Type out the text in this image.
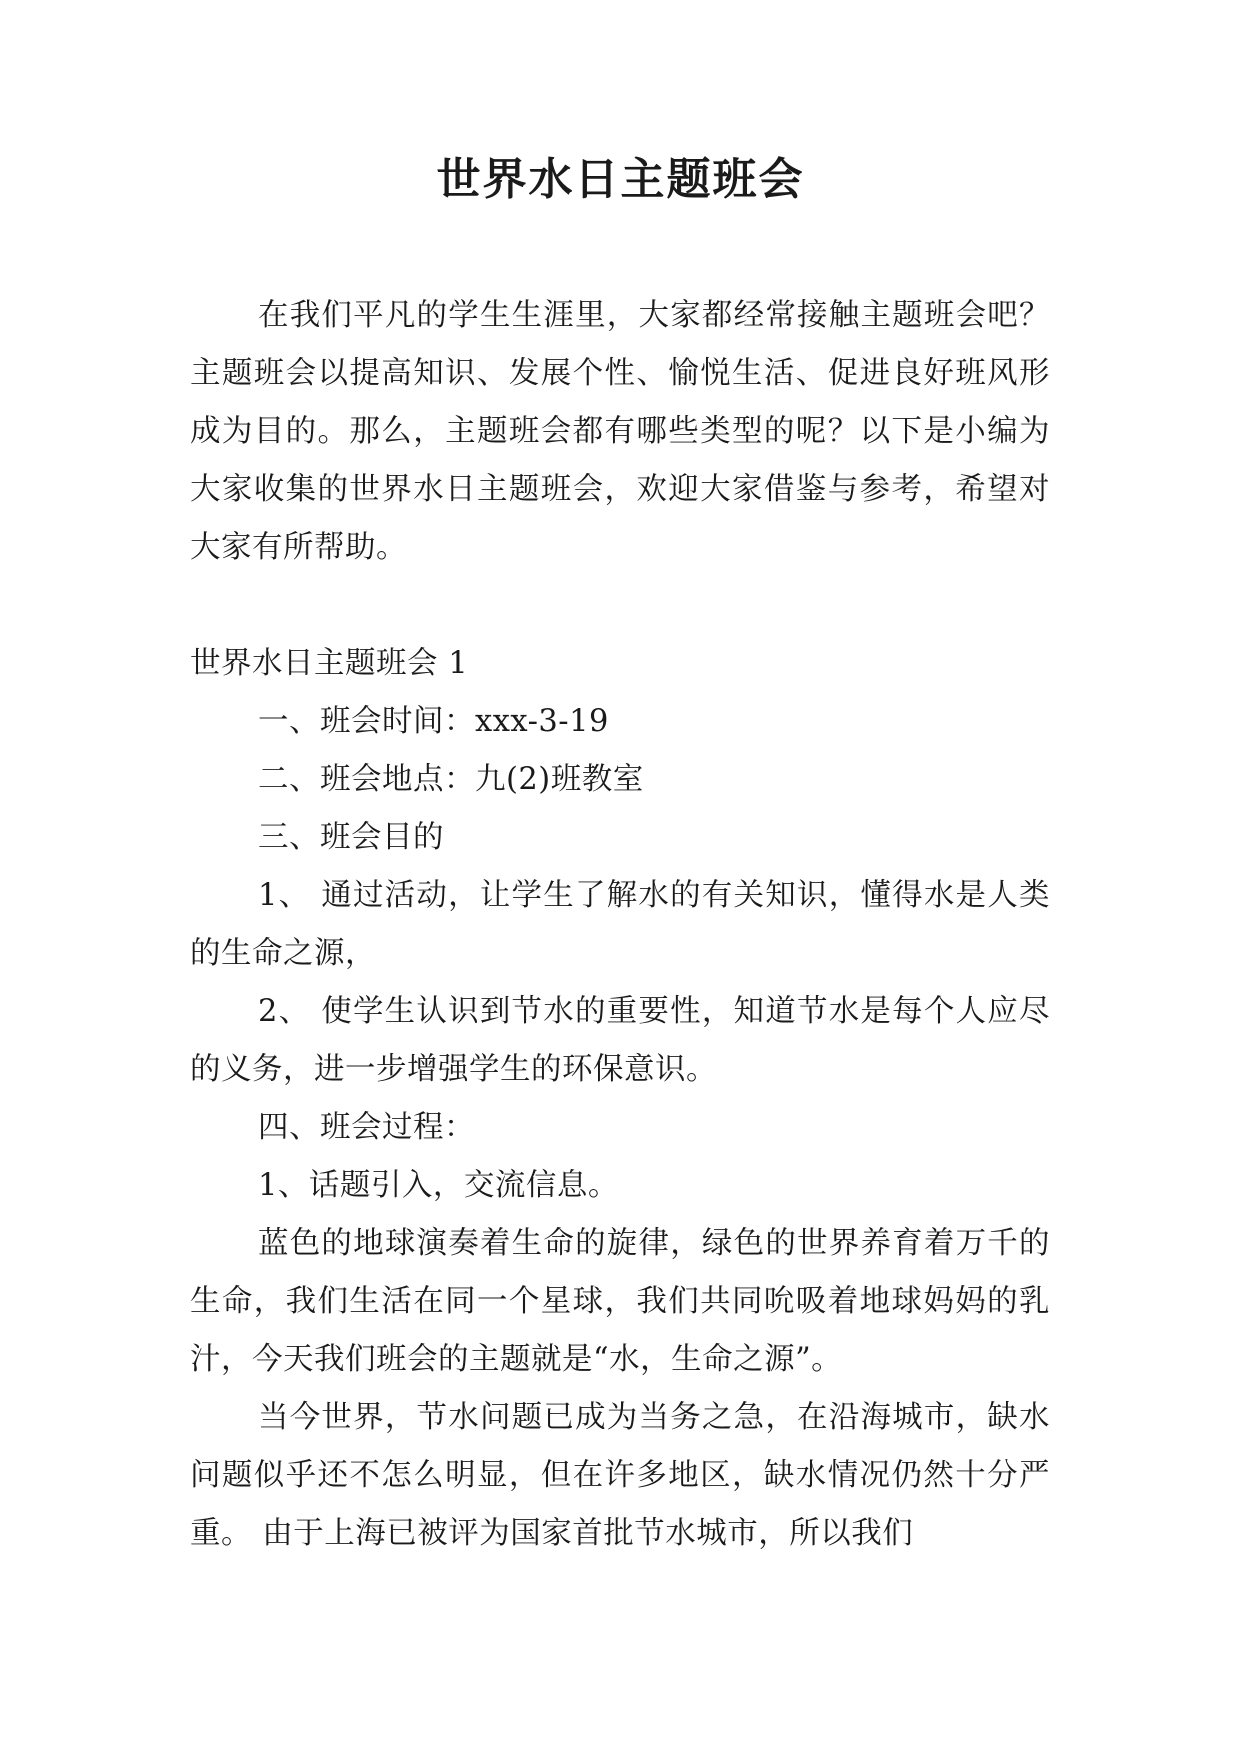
世界水日主题班会
在我们平凡的学生生涯里，大家都经常接触主题班会吧？主题班会以提高知识、发展个性、愉悦生活、促进良好班风形成为目的。那么，主题班会都有哪些类型的呢？以下是小编为大家收集的世界水日主题班会，欢迎大家借鉴与参考，希望对大家有所帮助。

世界水日主题班会 1

一、班会时间：xxx-3-19

二、班会地点：九(2)班教室

三、班会目的

1、 通过活动，让学生了解水的有关知识，懂得水是人类的生命之源，

2、 使学生认识到节水的重要性，知道节水是每个人应尽的义务，进一步增强学生的环保意识。

四、班会过程：

1、话题引入，交流信息。

蓝色的地球演奏着生命的旋律，绿色的世界养育着万千的生命，我们生活在同一个星球，我们共同吮吸着地球妈妈的乳汁，今天我们班会的主题就是“水，生命之源”。

当今世界，节水问题已成为当务之急，在沿海城市，缺水问题似乎还不怎么明显，但在许多地区，缺水情况仍然十分严重。 由于上海已被评为国家首批节水城市，所以我们
